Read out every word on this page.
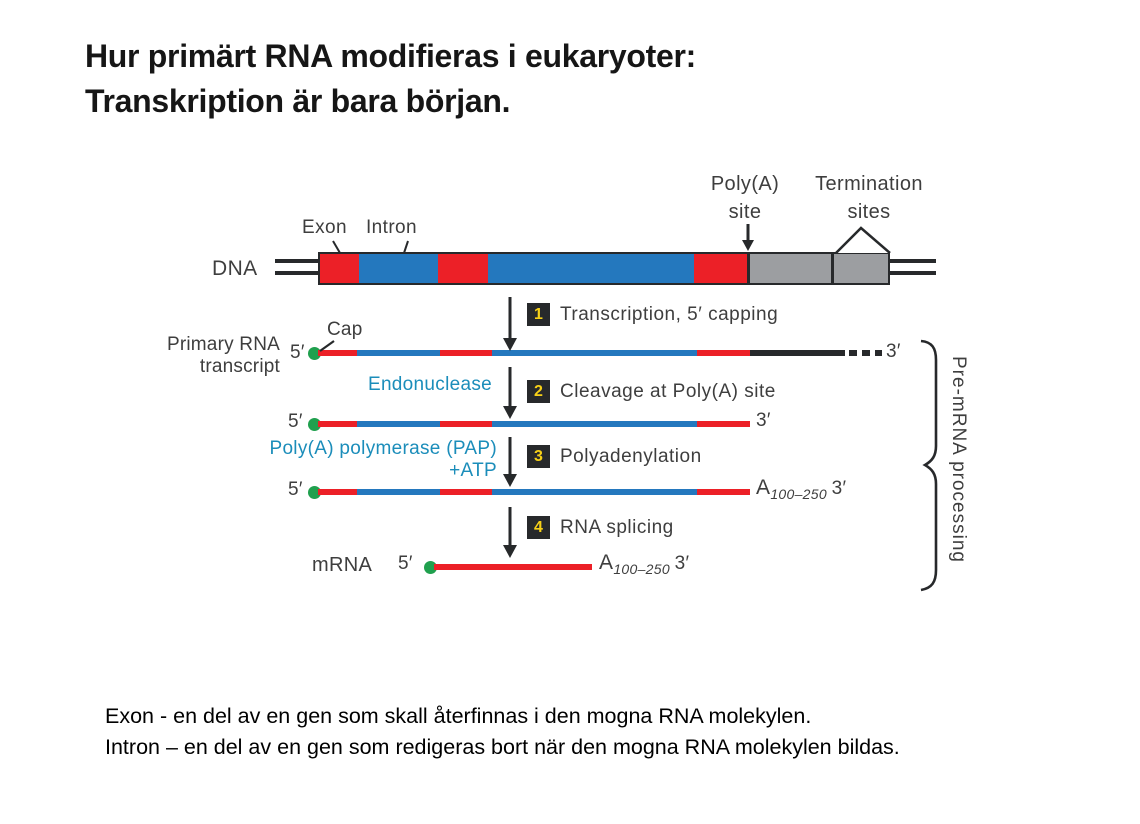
Hur primärt RNA modifieras i eukaryoter:
Transkription är bara början.
Exon Intron
Poly(A)
site
Termination
sites
DNA
1 Transcription, 5′ capping
Primary RNA
transcript
5′
Cap
3′
Endonuclease	2 Cleavage at Poly(A) site
5′	3′
Poly(A) polymerase (PAP)
+ATP
3 Polyadenylation
5′	A100–250 3′
4 RNA splicing
mRNA 5′	A100–250 3′
Pre-mRNA processing
Exon - en del av en gen som skall återfinnas i den mogna RNA molekylen.
Intron – en del av en gen som redigeras bort när den mogna RNA molekylen bildas.
